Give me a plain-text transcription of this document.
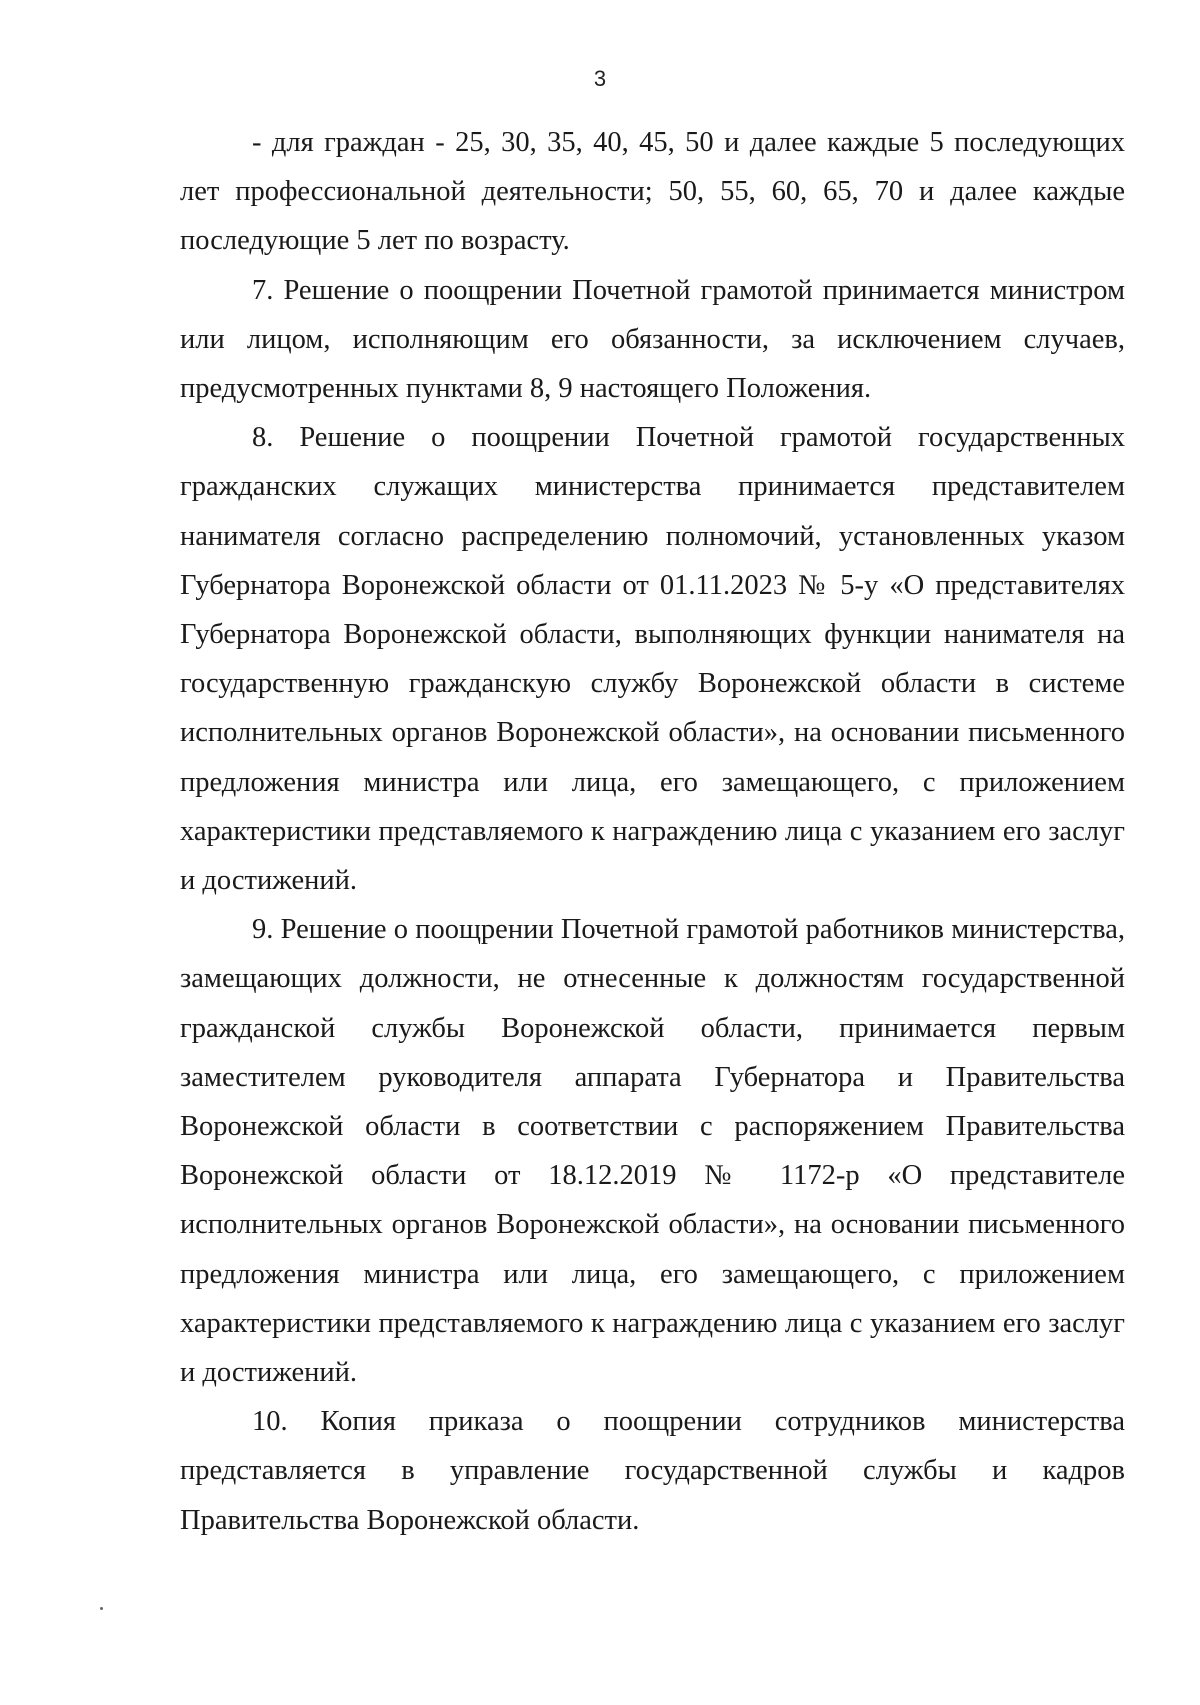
3

- для граждан - 25, 30, 35, 40, 45, 50 и далее каждые 5 последующих лет профессиональной деятельности; 50, 55, 60, 65, 70 и далее каждые последующие 5 лет по возрасту.

7. Решение о поощрении Почетной грамотой принимается министром или лицом, исполняющим его обязанности, за исключением случаев, предусмотренных пунктами 8, 9 настоящего Положения.

8. Решение о поощрении Почетной грамотой государственных гражданских служащих министерства принимается представителем нанимателя согласно распределению полномочий, установленных указом Губернатора Воронежской области от 01.11.2023 № 5-у «О представителях Губернатора Воронежской области, выполняющих функции нанимателя на государственную гражданскую службу Воронежской области в системе исполнительных органов Воронежской области», на основании письменного предложения министра или лица, его замещающего, с приложением характеристики представляемого к награждению лица с указанием его заслуг и достижений.

9. Решение о поощрении Почетной грамотой работников министерства, замещающих должности, не отнесенные к должностям государственной гражданской службы Воронежской области, принимается первым заместителем руководителя аппарата Губернатора и Правительства Воронежской области в соответствии с распоряжением Правительства Воронежской области от 18.12.2019 № 1172-р «О представителе исполнительных органов Воронежской области», на основании письменного предложения министра или лица, его замещающего, с приложением характеристики представляемого к награждению лица с указанием его заслуг и достижений.

10. Копия приказа о поощрении сотрудников министерства представляется в управление государственной службы и кадров Правительства Воронежской области.
